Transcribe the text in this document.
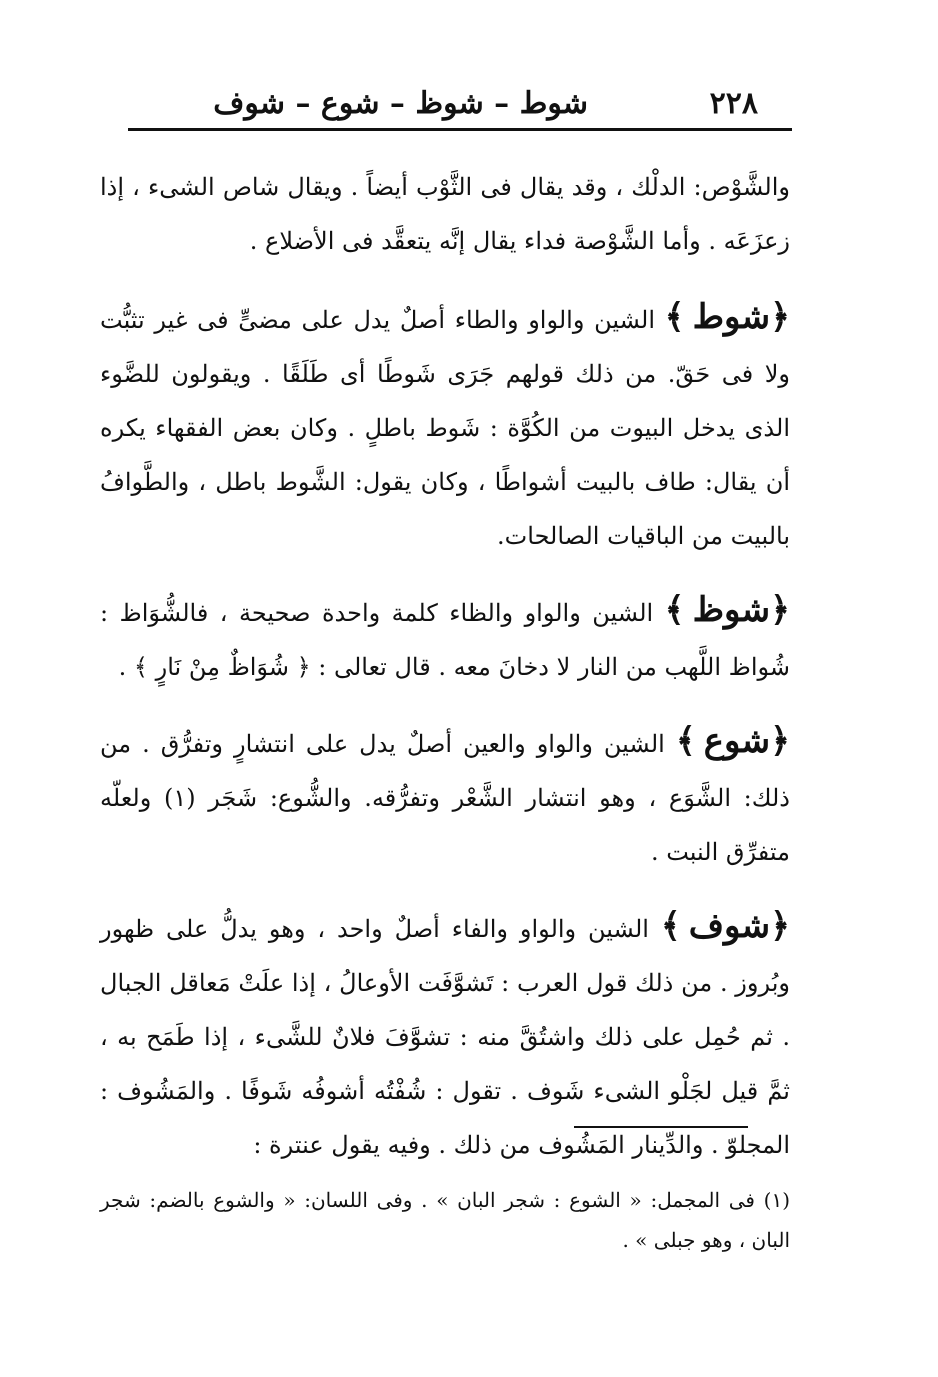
٢٢٨
شوط – شوظ – شوع – شوف

والشَّوْص: الدلْك ، وقد يقال فى الثَّوْب أيضاً . ويقال شاص الشىء ، إذا زعزَعَه . وأما الشَّوْصة فداء يقال إنَّه يتعقَّد فى الأضلاع .

﴿شوط﴾ الشين والواو والطاء أصلٌ يدل على مضىٍّ فى غير تثبُّت ولا فى حَقّ. من ذلك قولهم جَرَى شَوطًا أى طَلَقًا . ويقولون للضَّوء الذى يدخل البيوت من الكُوَّة : شَوط باطلٍ . وكان بعض الفقهاء يكره أن يقال: طاف بالبيت أشواطًا ، وكان يقول: الشَّوط باطل ، والطَّوافُ بالبيت من الباقيات الصالحات.

﴿شوظ﴾ الشين والواو والظاء كلمة واحدة صحيحة ، فالشُّوَاظ : شُواظ اللَّهب من النار لا دخانَ معه . قال تعالى : ﴿ شُوَاظٌ مِنْ نَارٍ ﴾ .

﴿شوع﴾ الشين والواو والعين أصلٌ يدل على انتشارٍ وتفرُّق . من ذلك: الشَّوَع ، وهو انتشار الشَّعْر وتفرُّقه. والشُّوع: شَجَر (١) ولعلّه متفرِّق النبت .

﴿شوف﴾ الشين والواو والفاء أصلٌ واحد ، وهو يدلُّ على ظهور وبُروز . من ذلك قول العرب : تَشوَّفَت الأوعالُ ، إذا علَتْ مَعاقل الجبال . ثم حُمِل على ذلك واشتُقَّ منه : تشوَّفَ فلانٌ للشَّىء ، إذا طَمَح به ، ثمَّ قيل لجَلْو الشىء شَوف . تقول : شُفْتُه أشوفُه شَوفًا . والمَشُوف : المجلوّ . والدِّينار المَشُوف من ذلك . وفيه يقول عنترة :

(١) فى المجمل: « الشوع : شجر البان » . وفى اللسان: « والشوع بالضم: شجر البان ، وهو جبلى » .
